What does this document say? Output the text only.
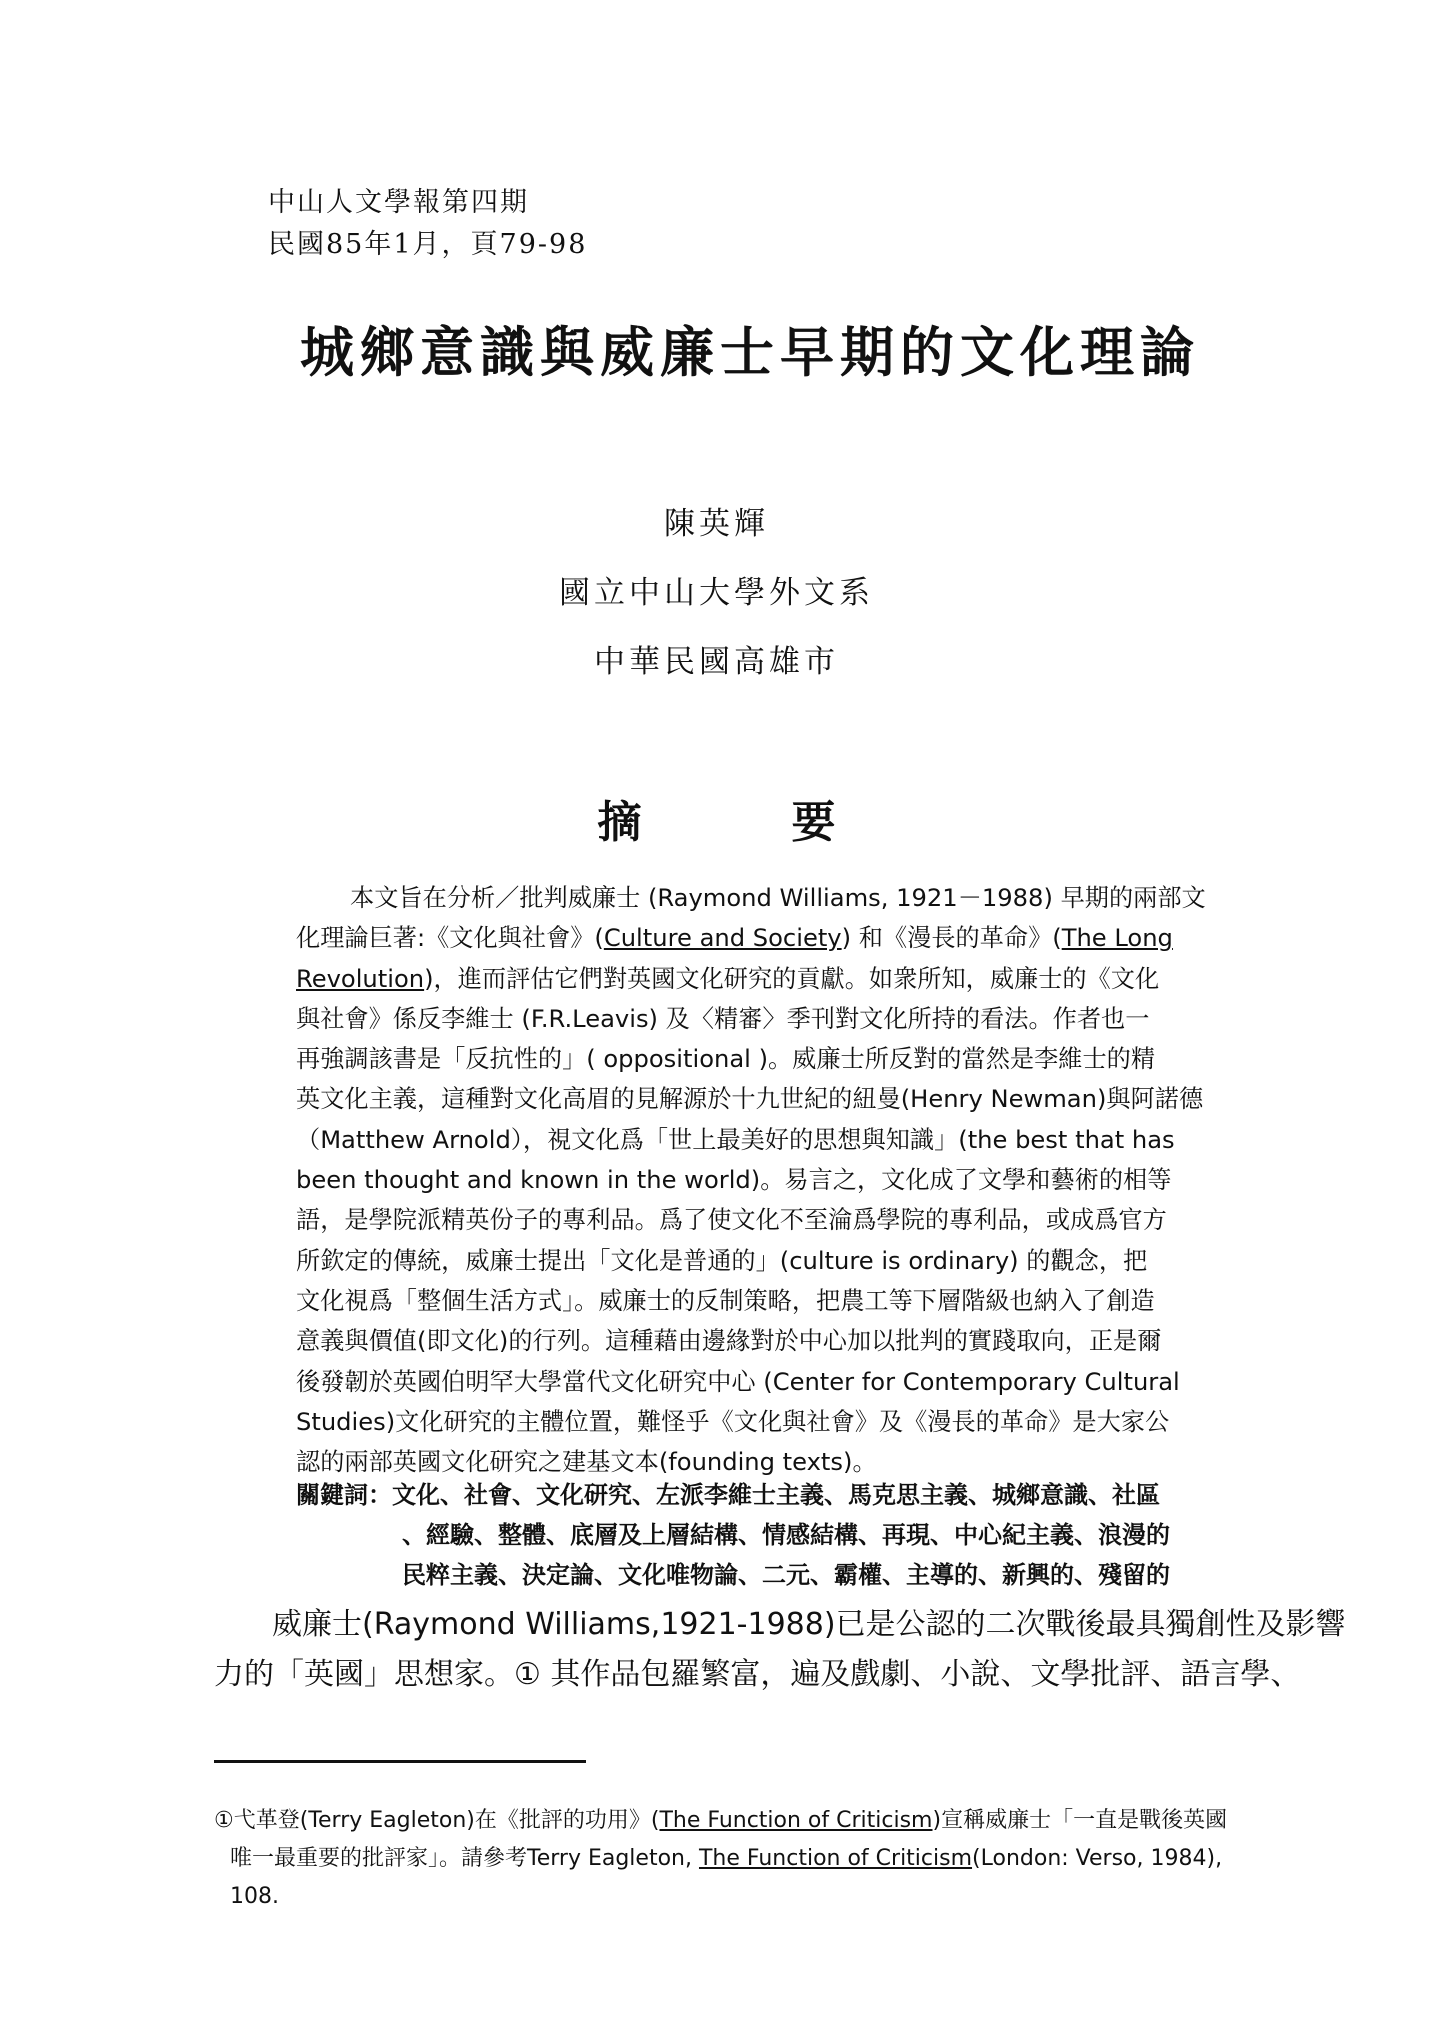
中山人文學報第四期
民國85年1月，頁79-98
城鄉意識與威廉士早期的文化理論
陳英輝
國立中山大學外文系
中華民國高雄市
摘	要
本文旨在分析／批判威廉士 (Raymond Williams, 1921－1988) 早期的兩部文
化理論巨著:《文化與社會》(Culture and Society) 和《漫長的革命》(The Long
Revolution)，進而評估它們對英國文化研究的貢獻。如衆所知，威廉士的《文化
與社會》係反李維士 (F.R.Leavis) 及〈精審〉季刊對文化所持的看法。作者也一
再強調該書是「反抗性的」( oppositional )。威廉士所反對的當然是李維士的精
英文化主義，這種對文化高眉的見解源於十九世紀的紐曼(Henry Newman)與阿諾德
（Matthew Arnold），視文化爲「世上最美好的思想與知識」(the best that has
been thought and known in the world)。易言之，文化成了文學和藝術的相等
語，是學院派精英份子的專利品。爲了使文化不至淪爲學院的專利品，或成爲官方
所欽定的傳統，威廉士提出「文化是普通的」(culture is ordinary) 的觀念，把
文化視爲「整個生活方式」。威廉士的反制策略，把農工等下層階級也納入了創造
意義與價值(即文化)的行列。這種藉由邊緣對於中心加以批判的實踐取向，正是爾
後發韌於英國伯明罕大學當代文化研究中心 (Center for Contemporary Cultural
Studies)文化研究的主體位置，難怪乎《文化與社會》及《漫長的革命》是大家公
認的兩部英國文化研究之建基文本(founding texts)。
關鍵詞：文化、社會、文化研究、左派李維士主義、馬克思主義、城鄉意識、社區
、經驗、整體、底層及上層結構、情感結構、再現、中心紀主義、浪漫的
民粹主義、決定論、文化唯物論、二元、霸權、主導的、新興的、殘留的
威廉士(Raymond Williams,1921-1988)已是公認的二次戰後最具獨創性及影響
力的「英國」思想家。① 其作品包羅繁富，遍及戲劇、小說、文學批評、語言學、
①弋革登(Terry Eagleton)在《批評的功用》(The Function of Criticism)宣稱威廉士「一直是戰後英國
唯一最重要的批評家」。請參考Terry Eagleton, The Function of Criticism(London: Verso, 1984),
108.
